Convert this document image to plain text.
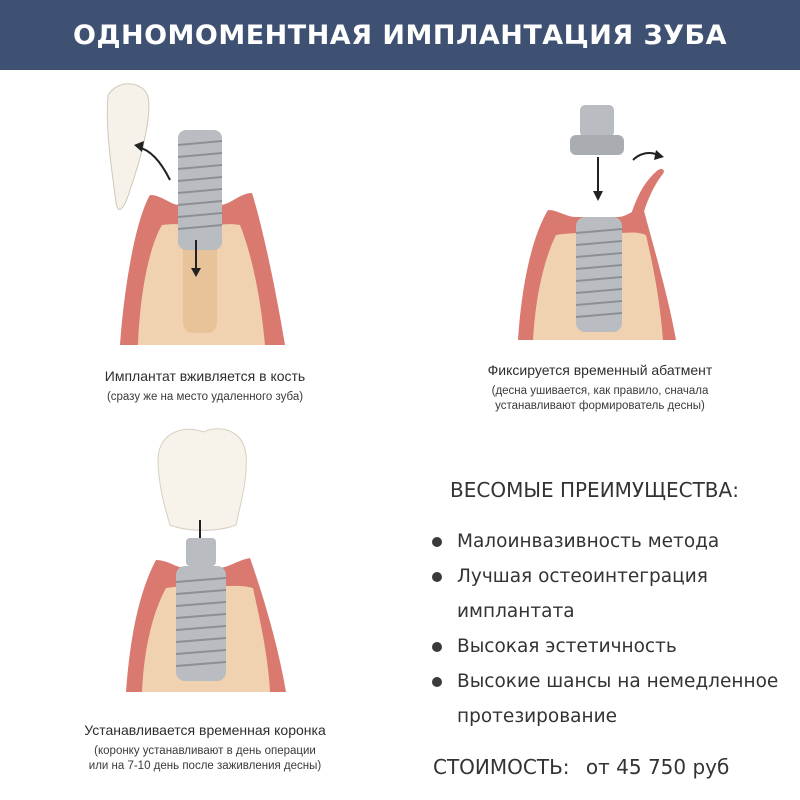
ОДНОМОМЕНТНАЯ ИМПЛАНТАЦИЯ ЗУБА
Имплантат вживляется в кость
(сразу же на место удаленного зуба)
Фиксируется временный абатмент
(десна ушивается, как правило, сначала
устанавливают формирователь десны)
Устанавливается временная коронка
(коронку устанавливают в день операции
или на 7-10 день после заживления десны)
ВЕСОМЫЕ ПРЕИМУЩЕСТВА:
Малоинвазивность метода
Лучшая остеоинтеграция
имплантата
Высокая эстетичность
Высокие шансы на немедленное
протезирование
СТОИМОСТЬ: от 45 750 руб
